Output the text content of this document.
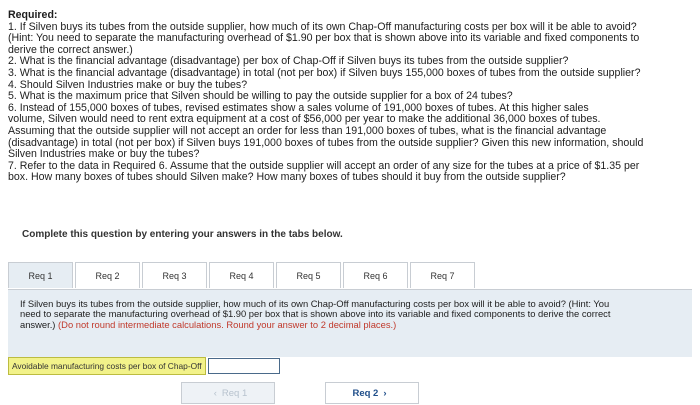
Required:

1. If Silven buys its tubes from the outside supplier, how much of its own Chap-Off manufacturing costs per box will it be able to avoid?

(Hint: You need to separate the manufacturing overhead of $1.90 per box that is shown above into its variable and fixed components to

derive the correct answer.)

2. What is the financial advantage (disadvantage) per box of Chap-Off if Silven buys its tubes from the outside supplier?

3. What is the financial advantage (disadvantage) in total (not per box) if Silven buys 155,000 boxes of tubes from the outside supplier?

4. Should Silven Industries make or buy the tubes?

5. What is the maximum price that Silven should be willing to pay the outside supplier for a box of 24 tubes?

6. Instead of 155,000 boxes of tubes, revised estimates show a sales volume of 191,000 boxes of tubes. At this higher sales

volume, Silven would need to rent extra equipment at a cost of $56,000 per year to make the additional 36,000 boxes of tubes.

Assuming that the outside supplier will not accept an order for less than 191,000 boxes of tubes, what is the financial advantage

(disadvantage) in total (not per box) if Silven buys 191,000 boxes of tubes from the outside supplier? Given this new information, should

Silven Industries make or buy the tubes?

7. Refer to the data in Required 6. Assume that the outside supplier will accept an order of any size for the tubes at a price of $1.35 per

box. How many boxes of tubes should Silven make? How many boxes of tubes should it buy from the outside supplier?

Complete this question by entering your answers in the tabs below.
Req 1	Req 2	Req 3	Req 4	Req 5	Req 6	Req 7
If Silven buys its tubes from the outside supplier, how much of its own Chap-Off manufacturing costs per box will it be able to avoid? (Hint: You need to separate the manufacturing overhead of $1.90 per box that is shown above into its variable and fixed components to derive the correct answer.) (Do not round intermediate calculations. Round your answer to 2 decimal places.)
Avoidable manufacturing costs per box of Chap-Off
‹ Req 1	Req 2 ›
